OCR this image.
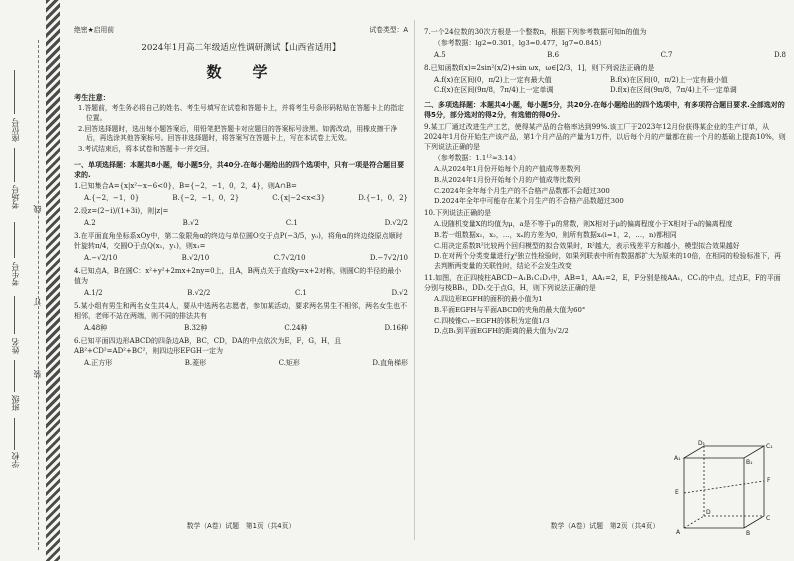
座位号
考场号 线
考生号
订
姓名
装
班级
学校
绝密★启用前	试卷类型：A
2024年1月高二年级适应性调研测试【山西省适用】
数　学
考生注意：
1.答题前，考生务必将自己的姓名、考生号填写在试卷和答题卡上，并将考生号条形码粘贴在答题卡上的指定位置。
2.回答选择题时，选出每小题答案后，用铅笔把答题卡对应题目的答案标号涂黑。如需改动，用橡皮擦干净后，再选涂其他答案标号。回答非选择题时，将答案写在答题卡上，写在本试卷上无效。
3.考试结束后，将本试卷和答题卡一并交回。
一、单项选择题：本题共8小题，每小题5分，共40分.在每小题给出的四个选项中，只有一项是符合题目要求的.
1.已知集合A={x|x²−x−6<0}，B={−2，−1，0，2，4}，则A∩B=
A.{−2，−1，0}	B.{−2，−1，0，2}	C.{x|−2<x<3}	D.{−1，0，2}
2.设z=(2−i)/(1+3i)，则|z|=
A.2	B.√2	C.1	D.√2/2
3.在平面直角坐标系xOy中，第二象限角α的终边与单位圆O交于点P(−3/5，y₀)，将角α的终边绕原点顺时针旋转π/4，交圆O于点Q(x₁，y₁)，则x₁=
A.−√2/10	B.√2/10	C.7√2/10	D.−7√2/10
4.已知点A，B在圆C：x²+y²+2mx+2ny=0上，且A，B两点关于直线y=x+2对称，则圆C的半径的最小值为
A.1/2	B.√2/2	C.1	D.√2
5.某小组有男生和两名女生共4人，要从中选两名志愿者，参加某活动，要求两名男生不相邻，两名女生也不相邻，老师不站在两端，则不同的排法共有
A.48种	B.32种	C.24种	D.16种
6.已知平面四边形ABCD的四条边AB，BC，CD，DA的中点依次为E，F，G，H，且AB²+CD²=AD²+BC²，则四边形EFGH一定为
A.正方形	B.菱形	C.矩形	D.直角梯形
7.一个24位数的30次方根是一个整数n，根据下列参考数据可知n的值为
（参考数据：lg2=0.301，lg3=0.477，lg7=0.845）
A.5	B.6	C.7	D.8
8.已知函数f(x)=2sin²(x/2)+sin ωx，ω∈[2/3，1]，则下列说法正确的是
A.f(x)在区间(0，π/2)上一定有最大值	B.f(x)在区间(0，π/2)上一定有最小值
C.f(x)在区间(9π/8，7π/4)上一定单调	D.f(x)在区间(9π/8，7π/4)上不一定单调
二、多项选择题：本题共4小题，每小题5分，共20分.在每小题给出的四个选项中，有多项符合题目要求.全部选对的得5分，部分选对的得2分，有选错的得0分.
9.某工厂通过改进生产工艺，使得某产品的合格率达到99%.该工厂于2023年12月份获得某企业的生产订单，从2024年1月份开始生产该产品，第1个月产品的产量为1万件，以后每个月的产量都在前一个月的基础上提高10%，则下列说法正确的是
（参考数据：1.1¹²≈3.14）
A.从2024年1月份开始每个月的产值成等差数列
B.从2024年1月份开始每个月的产值成等比数列
C.2024年全年每个月生产的不合格产品数都不会超过300
D.2024年全年中可能存在某个月生产的不合格产品数超过300
10.下列说法正确的是
A.设随机变量X的均值为μ，a是不等于μ的常数，则X相对于μ的偏离程度小于X相对于a的偏离程度
B.若一组数据x₁，x₂，…，xₙ的方差为0，则所有数据xᵢ(i=1，2，…，n)都相同
C.用决定系数R²比较两个回归模型的拟合效果时，R²越大，表示残差平方和越小，模型拟合效果越好
D.在对两个分类变量进行χ²独立性检验时，如果列联表中所有数据都扩大为原来的10倍，在相同的检验标准下，再去判断两变量的关联性时，结论不会发生改变
11.如图，在正四棱柱ABCD−A₁B₁C₁D₁中，AB=1，AA₁=2，E，F分别是棱AA₁，CC₁的中点，过点E，F的平面分别与棱BB₁，DD₁交于点G，H，则下列说法正确的是
A.四边形EGFH的面积的最小值为1
B.平面EGFH与平面ABCD的夹角的最大值为60°
C.四棱锥C₁−EGFH的体积为定值1/3
D.点B₁到平面EGFH的距离的最大值为√2/2
A₁
B₁
C₁
D₁
A	B
C
D
E
F
数学（A卷）试题　第1页（共4页）	数学（A卷）试题　第2页（共4页）
